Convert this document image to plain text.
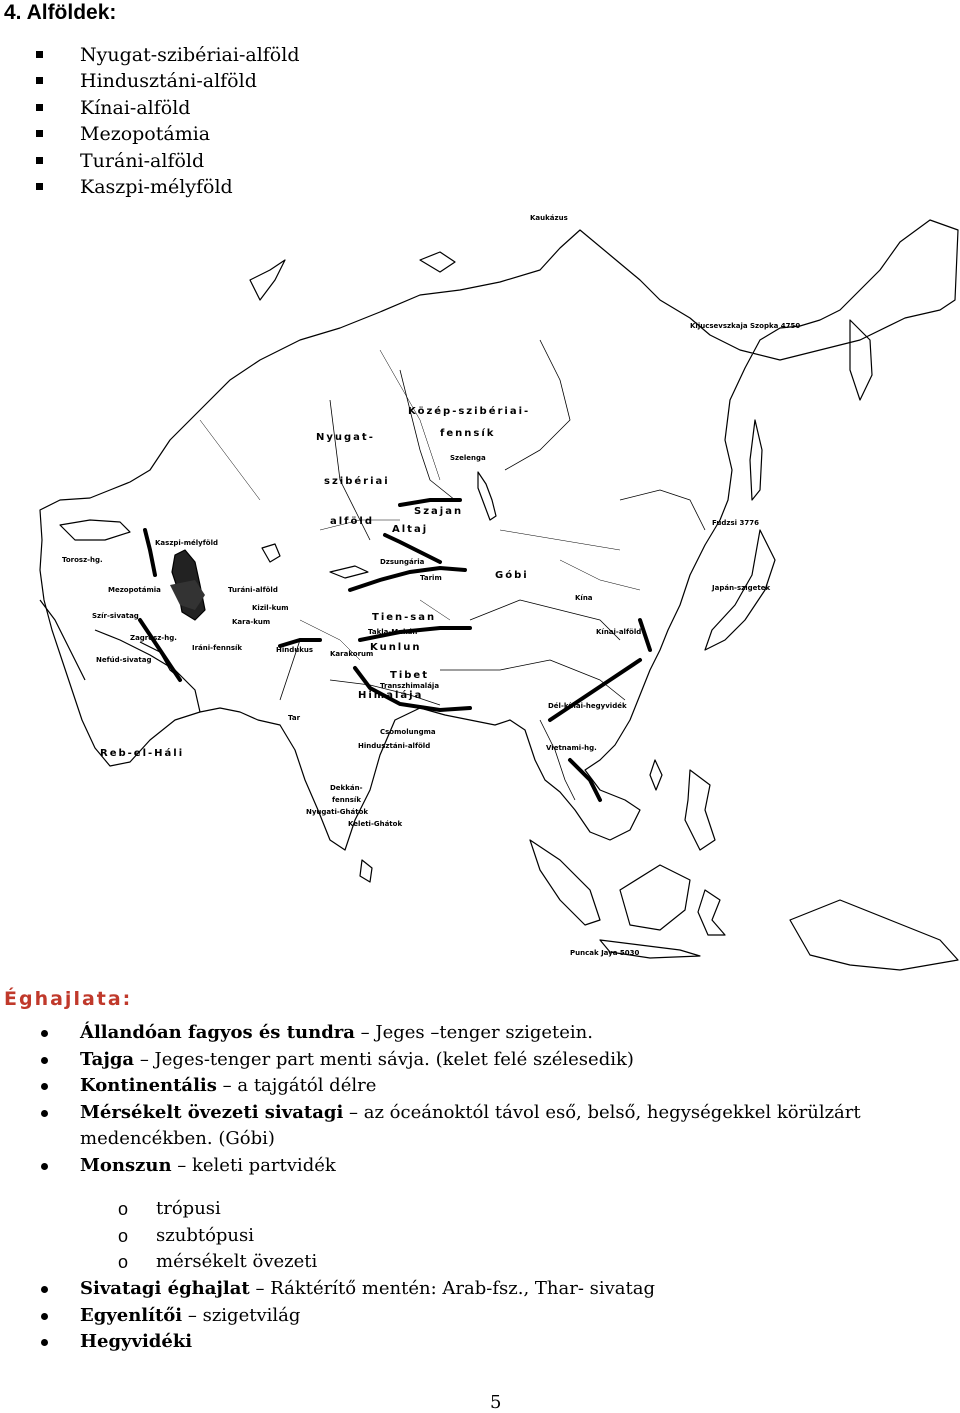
4. Alföldek:
Nyugat-szibériai-alföld
Hindusztáni-alföld
Kínai-alföld
Mezopotámia
Turáni-alföld
Kaszpi-mélyföld
Közép-szibériai-
fennsík
Nyugat-
szibériai
alföld
Szajan
Altaj
Tien-san
Góbi
Kunlun
Tibet
Himalája
Transzhimalája
Hindusztáni-alföld
Dekkán-
fennsík
Reb-el-Háli
Kaszpi-mélyföld
Turáni-alföld
Torosz-hg.
Zagrosz-hg.
Iráni-fennsík
Takla-Makán	Kínai-alföld
Dél-kínai-hegyvidék
Japán-szigetek
Kara-kum
Kizil-kum
Tar
Dzsungária
Hindukus Karakorum
Vietnami-hg.
Nyugati-Ghátok
Keleti-Ghátok
Szír-sivatag
Nefúd-sivatag
Mezopotámia
Kína
Fudzsi 3776
Kaukázus
Csomolungma
Kljucsevszkaja Szopka 4750
Puncak Jaya 5030
Tarim
Szelenga
Éghajlata:
Állandóan fagyos és tundra – Jeges –tenger szigetein.
Tajga – Jeges-tenger part menti sávja. (kelet felé szélesedik)
Kontinentális – a tajgától délre
Mérsékelt övezeti sivatagi – az óceánoktól távol eső, belső, hegységekkel körülzárt medencékben. (Góbi)
Monszun – keleti partvidék
o trópusi
o szubtópusi
o mérsékelt övezeti
Sivatagi éghajlat – Ráktérítő mentén: Arab-fsz., Thar- sivatag
Egyenlítői – szigetvilág
Hegyvidéki
5
